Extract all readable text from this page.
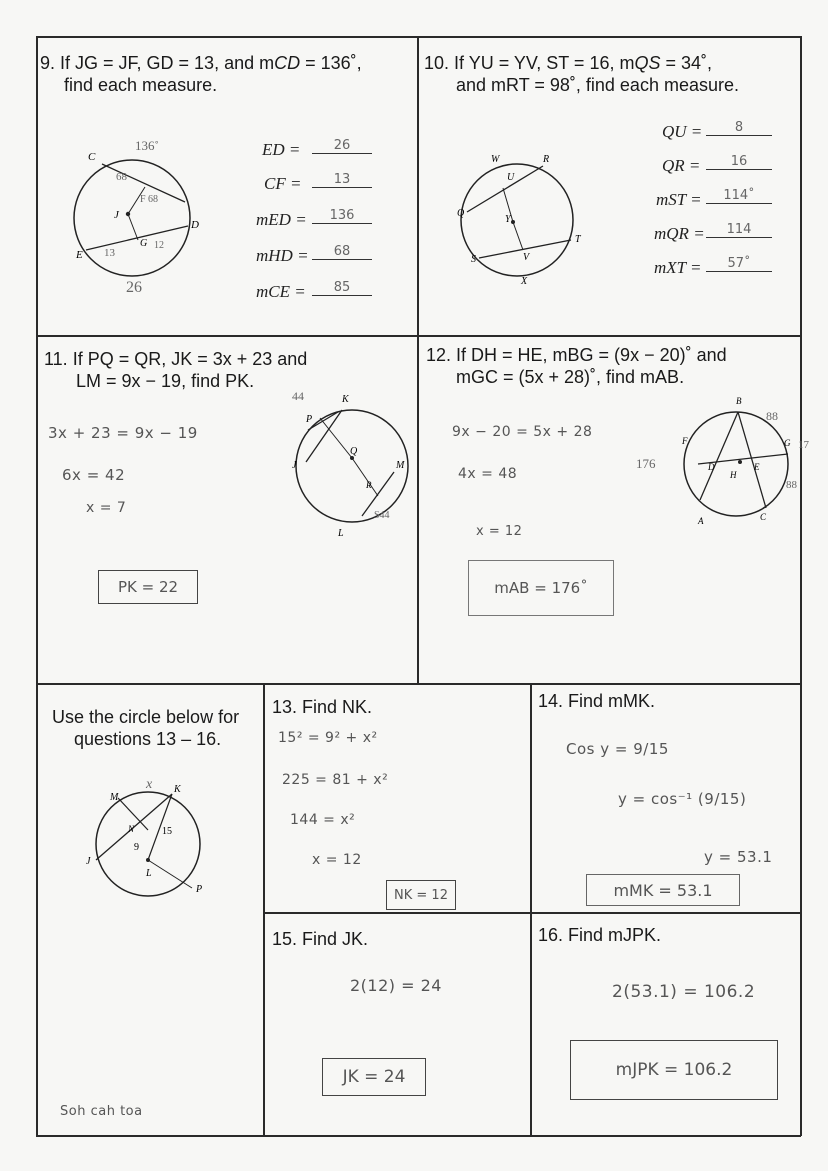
9. If JG = JF, GD = 13, and mCD = 136˚,
find each measure.
C
D
E
J
G
136˚
68
F 68
13
12
26
ED =	26
CF =	13
mED =	136
mHD =	68
mCE =	85
10. If YU = YV, ST = 16, mQS = 34˚,
and mRT = 98˚, find each measure.
W	R
U
Y
Q
S
T
V
X
QU =	8
QR =	16
mST =	114˚
mQR =	114
mXT =	57˚
11. If PQ = QR, JK = 3x + 23 and
LM = 9x − 19, find PK.
3x + 23 = 9x − 19
6x = 42
x = 7
PK = 22
P
K
Q
M
J
R
L
44
S44
12. If DH = HE, mBG = (9x − 20)˚ and
mGC = (5x + 28)˚, find mAB.
9x − 20 = 5x + 28
4x = 48
x = 12
mAB = 176˚
B
F	G
D	E
H
A	C
88
176
88
17
Use the circle below for
questions 13 – 16.
M
K
N
J
L
P
15
9
x
Soh cah toa
13. Find NK.
15² = 9² + x²
225 = 81 + x²
144 = x²
x = 12
NK = 12
14. Find mMK.
Cos y = 9/15
y = cos⁻¹ (9/15)
y = 53.1
mMK = 53.1
15. Find JK.
2(12) = 24
JK = 24
16. Find mJPK.
2(53.1) = 106.2
mJPK = 106.2
